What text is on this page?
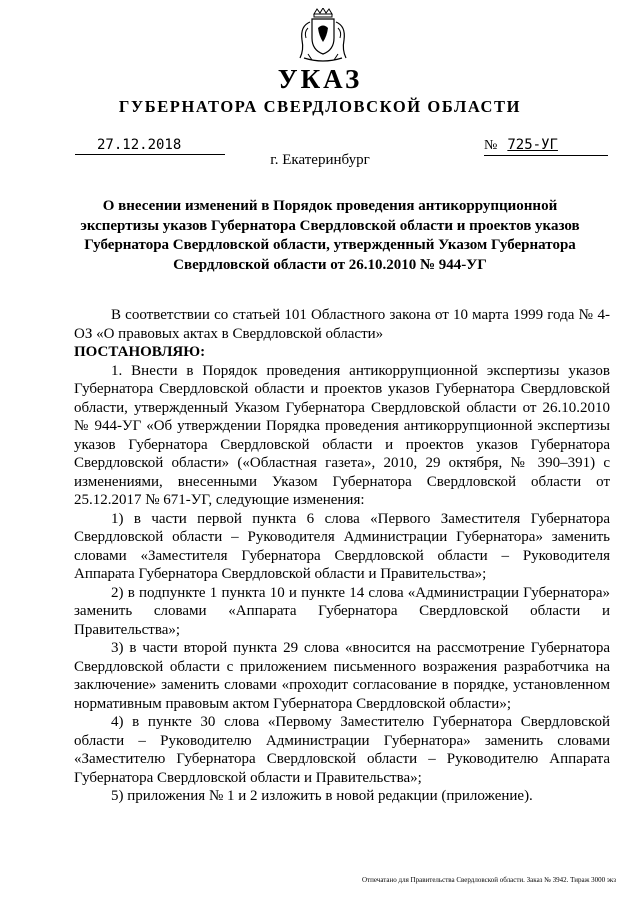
УКАЗ
ГУБЕРНАТОРА СВЕРДЛОВСКОЙ ОБЛАСТИ
27.12.2018	№ 725-УГ
г. Екатеринбург
О внесении изменений в Порядок проведения антикоррупционной экспертизы указов Губернатора Свердловской области и проектов указов Губернатора Свердловской области, утвержденный Указом Губернатора Свердловской области от 26.10.2010 № 944-УГ

В соответствии со статьей 101 Областного закона от 10 марта 1999 года № 4-ОЗ «О правовых актах в Свердловской области»

ПОСТАНОВЛЯЮ:

1. Внести в Порядок проведения антикоррупционной экспертизы указов Губернатора Свердловской области и проектов указов Губернатора Свердловской области, утвержденный Указом Губернатора Свердловской области от 26.10.2010 № 944-УГ «Об утверждении Порядка проведения антикоррупционной экспертизы указов Губернатора Свердловской области и проектов указов Губернатора Свердловской области» («Областная газета», 2010, 29 октября, № 390–391) с изменениями, внесенными Указом Губернатора Свердловской области от 25.12.2017 № 671-УГ, следующие изменения:

1) в части первой пункта 6 слова «Первого Заместителя Губернатора Свердловской области – Руководителя Администрации Губернатора» заменить словами «Заместителя Губернатора Свердловской области – Руководителя Аппарата Губернатора Свердловской области и Правительства»;

2) в подпункте 1 пункта 10 и пункте 14 слова «Администрации Губернатора» заменить словами «Аппарата Губернатора Свердловской области и Правительства»;

3) в части второй пункта 29 слова «вносится на рассмотрение Губернатора Свердловской области с приложением письменного возражения разработчика на заключение» заменить словами «проходит согласование в порядке, установленном нормативным правовым актом Губернатора Свердловской области»;

4) в пункте 30 слова «Первому Заместителю Губернатора Свердловской области – Руководителю Администрации Губернатора» заменить словами «Заместителю Губернатора Свердловской области – Руководителю Аппарата Губернатора Свердловской области и Правительства»;

5) приложения № 1 и 2 изложить в новой редакции (приложение).

Отпечатано для Правительства Свердловской области. Заказ № 3942. Тираж 3000 экз
